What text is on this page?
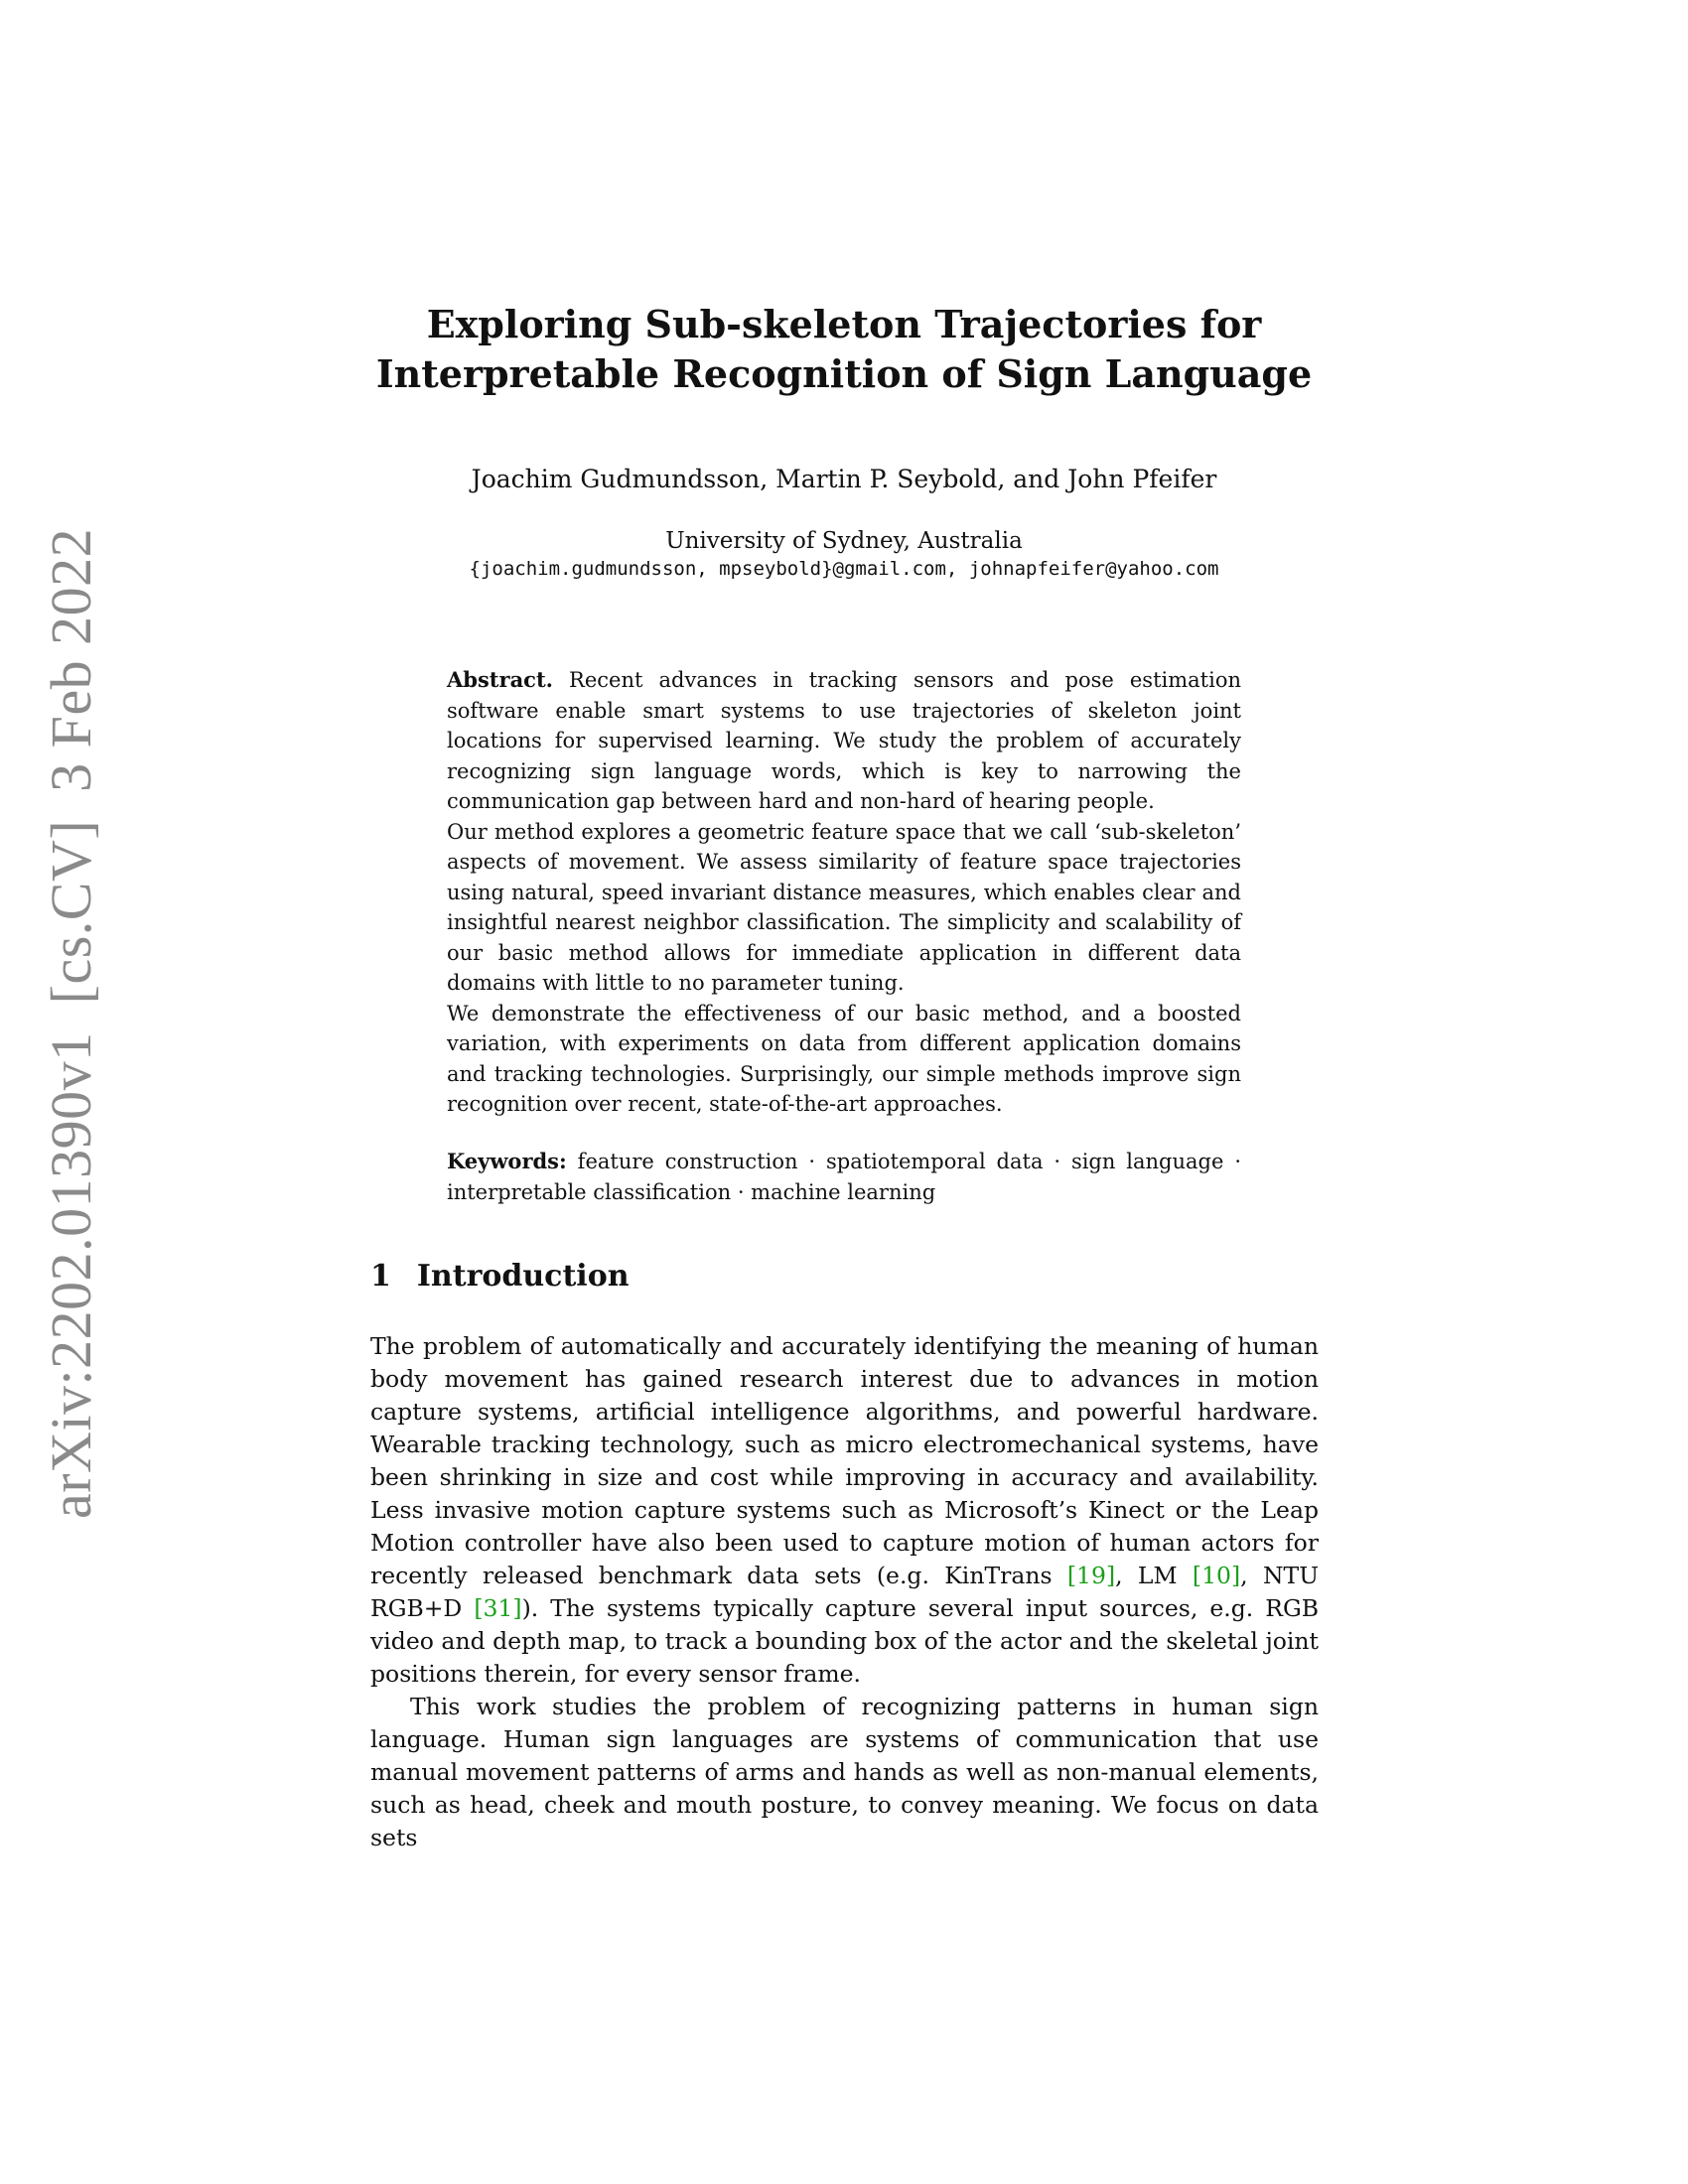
arXiv:2202.01390v1[cs.CV]3 Feb 2022
Exploring Sub-skeleton Trajectories for
Interpretable Recognition of Sign Language
Joachim Gudmundsson, Martin P. Seybold, and John Pfeifer
University of Sydney, Australia
{joachim.gudmundsson, mpseybold}@gmail.com, johnapfeifer@yahoo.com

Abstract. Recent advances in tracking sensors and pose estimation software enable smart systems to use trajectories of skeleton joint locations for supervised learning. We study the problem of accurately recognizing sign language words, which is key to narrowing the communication gap between hard and non-hard of hearing people.

Our method explores a geometric feature space that we call ‘sub-skeleton’ aspects of movement. We assess similarity of feature space trajectories using natural, speed invariant distance measures, which enables clear and insightful nearest neighbor classification. The simplicity and scalability of our basic method allows for immediate application in different data domains with little to no parameter tuning.

We demonstrate the effectiveness of our basic method, and a boosted variation, with experiments on data from different application domains and tracking technologies. Surprisingly, our simple methods improve sign recognition over recent, state-of-the-art approaches.

Keywords: feature construction · spatiotemporal data · sign language · interpretable classification · machine learning
1 Introduction

The problem of automatically and accurately identifying the meaning of human body movement has gained research interest due to advances in motion capture systems, artificial intelligence algorithms, and powerful hardware. Wearable tracking technology, such as micro electromechanical systems, have been shrinking in size and cost while improving in accuracy and availability. Less invasive motion capture systems such as Microsoft’s Kinect or the Leap Motion controller have also been used to capture motion of human actors for recently released benchmark data sets (e.g. KinTrans [19], LM [10], NTU RGB+D [31]). The systems typically capture several input sources, e.g. RGB video and depth map, to track a bounding box of the actor and the skeletal joint positions therein, for every sensor frame.

This work studies the problem of recognizing patterns in human sign language. Human sign languages are systems of communication that use manual movement patterns of arms and hands as well as non-manual elements, such as head, cheek and mouth posture, to convey meaning. We focus on data sets
